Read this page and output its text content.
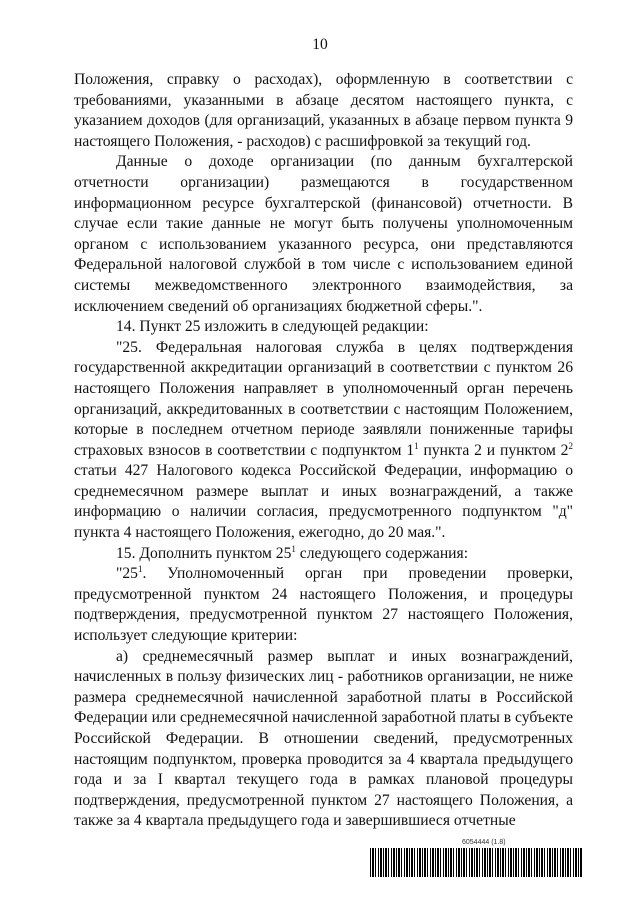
10

Положения, справку о расходах), оформленную в соответствии с требованиями, указанными в абзаце десятом настоящего пункта, с указанием доходов (для организаций, указанных в абзаце первом пункта 9 настоящего Положения, - расходов) с расшифровкой за текущий год.

Данные о доходе организации (по данным бухгалтерской отчетности организации) размещаются в государственном информационном ресурсе бухгалтерской (финансовой) отчетности. В случае если такие данные не могут быть получены уполномоченным органом с использованием указанного ресурса, они представляются Федеральной налоговой службой в том числе с использованием единой системы межведомственного электронного взаимодействия, за исключением сведений об организациях бюджетной сферы.".

14. Пункт 25 изложить в следующей редакции:

"25. Федеральная налоговая служба в целях подтверждения государственной аккредитации организаций в соответствии с пунктом 26 настоящего Положения направляет в уполномоченный орган перечень организаций, аккредитованных в соответствии с настоящим Положением, которые в последнем отчетном периоде заявляли пониженные тарифы страховых взносов в соответствии с подпунктом $1^1$ пункта 2 и пунктом $2^2$ статьи 427 Налогового кодекса Российской Федерации, информацию о среднемесячном размере выплат и иных вознаграждений, а также информацию о наличии согласия, предусмотренного подпунктом "д" пункта 4 настоящего Положения, ежегодно, до 20 мая.".

15. Дополнить пунктом $25^1$ следующего содержания:

"$25^1$. Уполномоченный орган при проведении проверки, предусмотренной пунктом 24 настоящего Положения, и процедуры подтверждения, предусмотренной пунктом 27 настоящего Положения, использует следующие критерии:

а) среднемесячный размер выплат и иных вознаграждений, начисленных в пользу физических лиц - работников организации, не ниже размера среднемесячной начисленной заработной платы в Российской Федерации или среднемесячной начисленной заработной платы в субъекте Российской Федерации. В отношении сведений, предусмотренных настоящим подпунктом, проверка проводится за 4 квартала предыдущего года и за I квартал текущего года в рамках плановой процедуры подтверждения, предусмотренной пунктом 27 настоящего Положения, а также за 4 квартала предыдущего года и завершившиеся отчетные

6054444 (1.8)
